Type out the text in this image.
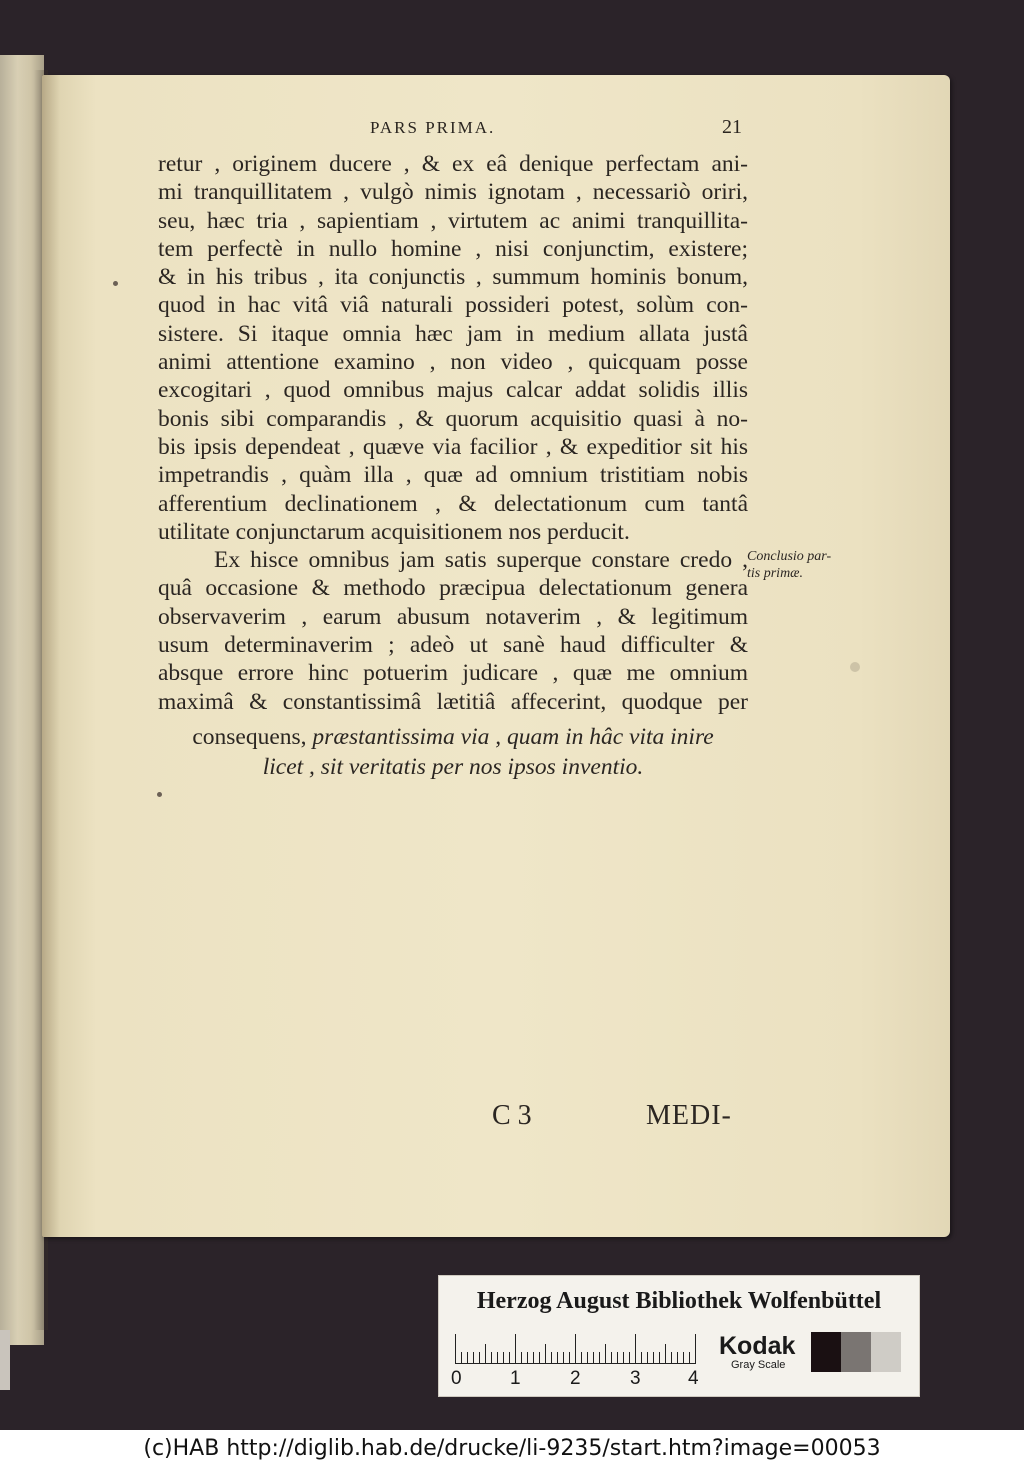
PARS PRIMA.	21
retur , originem ducere , & ex eâ denique perfectam ani-
mi tranquillitatem , vulgò nimis ignotam , necessariò oriri,
seu, hæc tria , sapientiam , virtutem ac animi tranquillita-
tem perfectè in nullo homine , nisi conjunctim, existere;
& in his tribus , ita conjunctis , summum hominis bonum,
quod in hac vitâ viâ naturali possideri potest, solùm con-
sistere. Si itaque omnia hæc jam in medium allata justâ
animi attentione examino , non video , quicquam posse
excogitari , quod omnibus majus calcar addat solidis illis
bonis sibi comparandis , & quorum acquisitio quasi à no-
bis ipsis dependeat , quæve via facilior , & expeditior sit his
impetrandis , quàm illa , quæ ad omnium tristitiam nobis
afferentium declinationem , & delectationum cum tantâ
utilitate conjunctarum acquisitionem nos perducit.
Ex hisce omnibus jam satis superque constare credo ,
quâ occasione & methodo præcipua delectationum genera
observaverim , earum abusum notaverim , & legitimum
usum determinaverim ; adeò ut sanè haud difficulter &
absque errore hinc potuerim judicare , quæ me omnium
maximâ & constantissimâ lætitiâ affecerint, quodque per
consequens, præstantissima via , quam in hâc vita inire
licet , sit veritatis per nos ipsos inventio.
Conclusio par-
tis primæ.
C 3	MEDI-
Herzog August Bibliothek Wolfenbüttel
0	1	2	3 4
Kodak
Gray Scale
(c)HAB http://diglib.hab.de/drucke/li-9235/start.htm?image=00053
